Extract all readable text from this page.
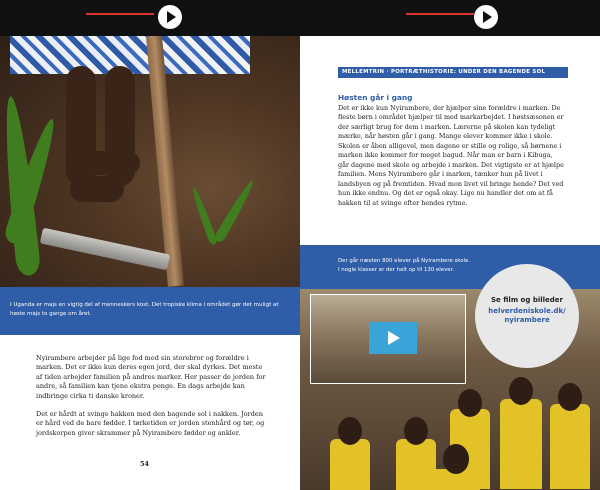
I Uganda er majs en vigtig del af menneskers kost. Det tropiske klima i området gør det muligt at høste majs to gange om året.

Nyirambere arbejder på lige fod med sin storebror og forældre i marken. Det er ikke kun deres egen jord, der skal dyrkes. Det meste af tiden arbejder familien på andres marker. Her passer de jorden for andre, så familien kan tjene ekstra penge. En dags arbejde kan indbringe cirka ti danske kroner.

Det er hårdt at svinge hakken med den bagende sol i nakken. Jorden er hård ved de bare fødder. I tørketiden er jorden stenhård og tør, og jordskorpen giver skrammer på Nyirambere fødder og ankler.

54
MELLEMTRIN · PORTRÆTHISTORIE: UNDER DEN BAGENDE SOL
Høsten går i gang
Det er ikke kun Nyirambere, der hjælper sine forældre i marken. De fleste børn i området hjælper til med markarbejdet. I høstsæsonen er der særligt brug for dem i marken. Lærerne på skolen kan tydeligt mærke, når høsten går i gang. Mange elever kommer ikke i skole. Skolen er åben alligevel, men dagene er stille og rolige, så børnene i marken ikke kommer for meget bagud. Når man er barn i Kibuga, går dagene med skole og arbejde i marken. Det vigtigste er at hjælpe familien. Mens Nyirambere går i marken, tænker hun på livet i landsbyen og på fremtiden. Hvad mon livet vil bringe hende? Det ved hun ikke endnu. Og det er også okay. Lige nu handler det om at få hakken til at svinge efter hendes rytme.

Der går næsten 800 elever på Nyirambere skole.
I nogle klasser er der helt op til 130 elever.

Se film og billeder
helverdeniskole.dk/ nyirambere
